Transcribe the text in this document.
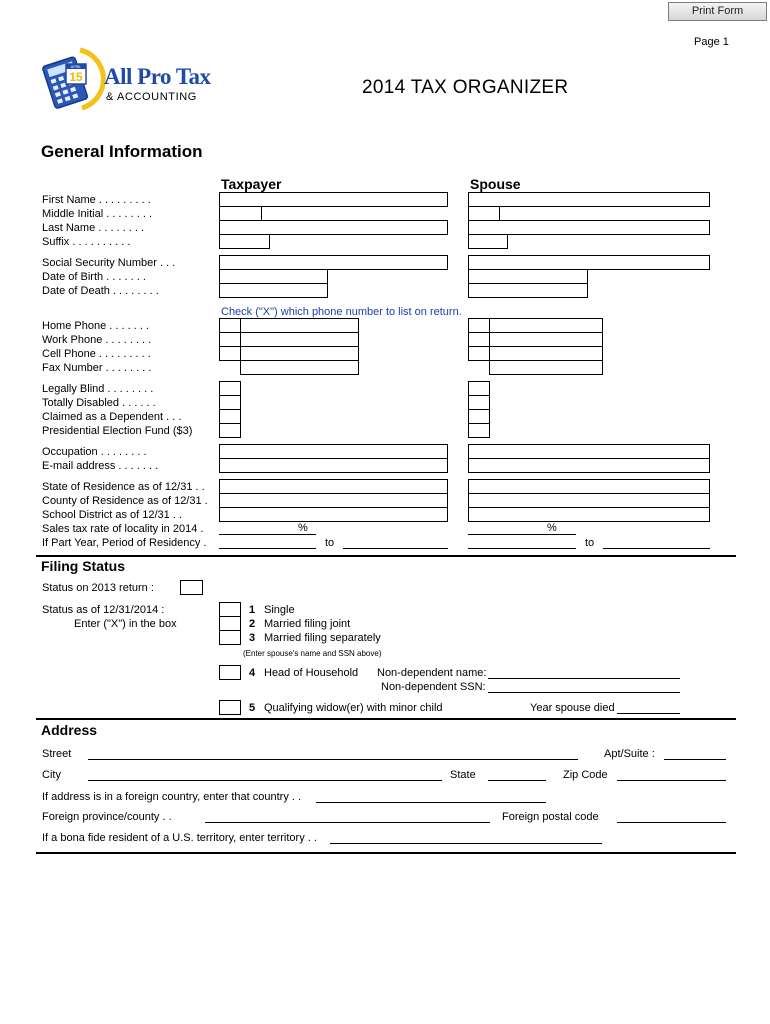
Print Form
Page 1
APRIL
15 All Pro Tax
& ACCOUNTING	2014 TAX ORGANIZER
General Information
Taxpayer	Spouse
First Name . . . . . . . . .
Middle Initial . . . . . . . .
Last Name . . . . . . . .
Suffix . . . . . . . . . .
Social Security Number . . .
Date of Birth . . . . . . .
Date of Death . . . . . . . .
Check ("X") which phone number to list on return.
Home Phone . . . . . . .
Work Phone . . . . . . . .
Cell Phone . . . . . . . . .
Fax Number . . . . . . . .
Legally Blind . . . . . . . .
Totally Disabled . . . . . .
Claimed as a Dependent . . .
Presidential Election Fund ($3)
Occupation . . . . . . . .
E-mail address . . . . . . .
State of Residence as of 12/31 . .
County of Residence as of 12/31 .
School District as of 12/31 . .
Sales tax rate of locality in 2014 .
If Part Year, Period of Residency .
%	%
to	to
Filing Status
Status on 2013 return :
Status as of 12/31/2014 :
Enter ("X") in the box
1 Single
2 Married filing joint
3 Married filing separately
(Enter spouse's name and SSN above)
4 Head of Household Non-dependent name:
Non-dependent SSN:
5 Qualifying widow(er) with minor child	Year spouse died
Address
Street	Apt/Suite :
City	State	Zip Code
If address is in a foreign country, enter that country . .
Foreign province/county . .	Foreign postal code
If a bona fide resident of a U.S. territory, enter territory . .
